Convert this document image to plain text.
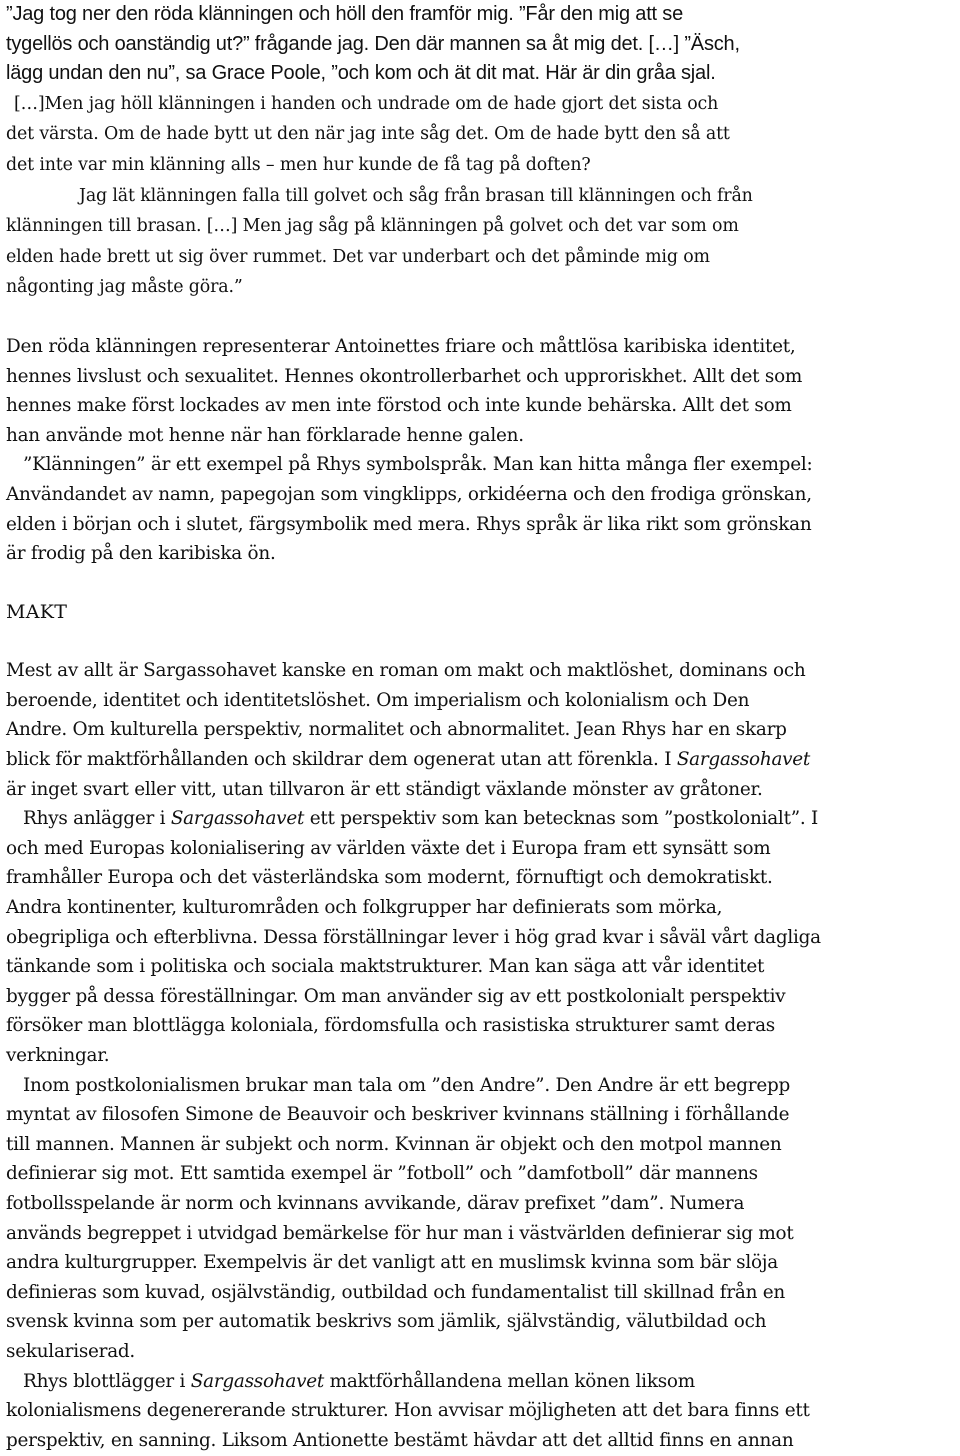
”Jag tog ner den röda klänningen och höll den framför mig. ”Får den mig att se

tygellös och oanständig ut?” frågande jag. Den där mannen sa åt mig det. […] ”Äsch,

lägg undan den nu”, sa Grace Poole, ”och kom och ät dit mat. Här är din gråa sjal.

[…]Men jag höll klänningen i handen och undrade om de hade gjort det sista och

det värsta. Om de hade bytt ut den när jag inte såg det. Om de hade bytt den så att

det inte var min klänning alls – men hur kunde de få tag på doften?

Jag lät klänningen falla till golvet och såg från brasan till klänningen och från

klänningen till brasan. […] Men jag såg på klänningen på golvet och det var som om

elden hade brett ut sig över rummet. Det var underbart och det påminde mig om

någonting jag måste göra.”

Den röda klänningen representerar Antoinettes friare och måttlösa karibiska identitet,

hennes livslust och sexualitet. Hennes okontrollerbarhet och upproriskhet. Allt det som

hennes make först lockades av men inte förstod och inte kunde behärska. Allt det som

han använde mot henne när han förklarade henne galen.

”Klänningen” är ett exempel på Rhys symbolspråk. Man kan hitta många fler exempel:

Användandet av namn, papegojan som vingklipps, orkidéerna och den frodiga grönskan,

elden i början och i slutet, färgsymbolik med mera. Rhys språk är lika rikt som grönskan

är frodig på den karibiska ön.

MAKT

Mest av allt är Sargassohavet kanske en roman om makt och maktlöshet, dominans och

beroende, identitet och identitetslöshet. Om imperialism och kolonialism och Den

Andre. Om kulturella perspektiv, normalitet och abnormalitet. Jean Rhys har en skarp

blick för maktförhållanden och skildrar dem ogenerat utan att förenkla. I Sargassohavet

är inget svart eller vitt, utan tillvaron är ett ständigt växlande mönster av gråtoner.

Rhys anlägger i Sargassohavet ett perspektiv som kan betecknas som ”postkolonialt”. I

och med Europas kolonialisering av världen växte det i Europa fram ett synsätt som

framhåller Europa och det västerländska som modernt, förnuftigt och demokratiskt.

Andra kontinenter, kulturområden och folkgrupper har definierats som mörka,

obegripliga och efterblivna. Dessa förställningar lever i hög grad kvar i såväl vårt dagliga

tänkande som i politiska och sociala maktstrukturer. Man kan säga att vår identitet

bygger på dessa föreställningar. Om man använder sig av ett postkolonialt perspektiv

försöker man blottlägga koloniala, fördomsfulla och rasistiska strukturer samt deras

verkningar.

Inom postkolonialismen brukar man tala om ”den Andre”. Den Andre är ett begrepp

myntat av filosofen Simone de Beauvoir och beskriver kvinnans ställning i förhållande

till mannen. Mannen är subjekt och norm. Kvinnan är objekt och den motpol mannen

definierar sig mot. Ett samtida exempel är ”fotboll” och ”damfotboll” där mannens

fotbollsspelande är norm och kvinnans avvikande, därav prefixet ”dam”. Numera

används begreppet i utvidgad bemärkelse för hur man i västvärlden definierar sig mot

andra kulturgrupper. Exempelvis är det vanligt att en muslimsk kvinna som bär slöja

definieras som kuvad, osjälvständig, outbildad och fundamentalist till skillnad från en

svensk kvinna som per automatik beskrivs som jämlik, självständig, välutbildad och

sekulariserad.

Rhys blottlägger i Sargassohavet maktförhållandena mellan könen liksom

kolonialismens degenererande strukturer. Hon avvisar möjligheten att det bara finns ett

perspektiv, en sanning. Liksom Antionette bestämt hävdar att det alltid finns en annan
